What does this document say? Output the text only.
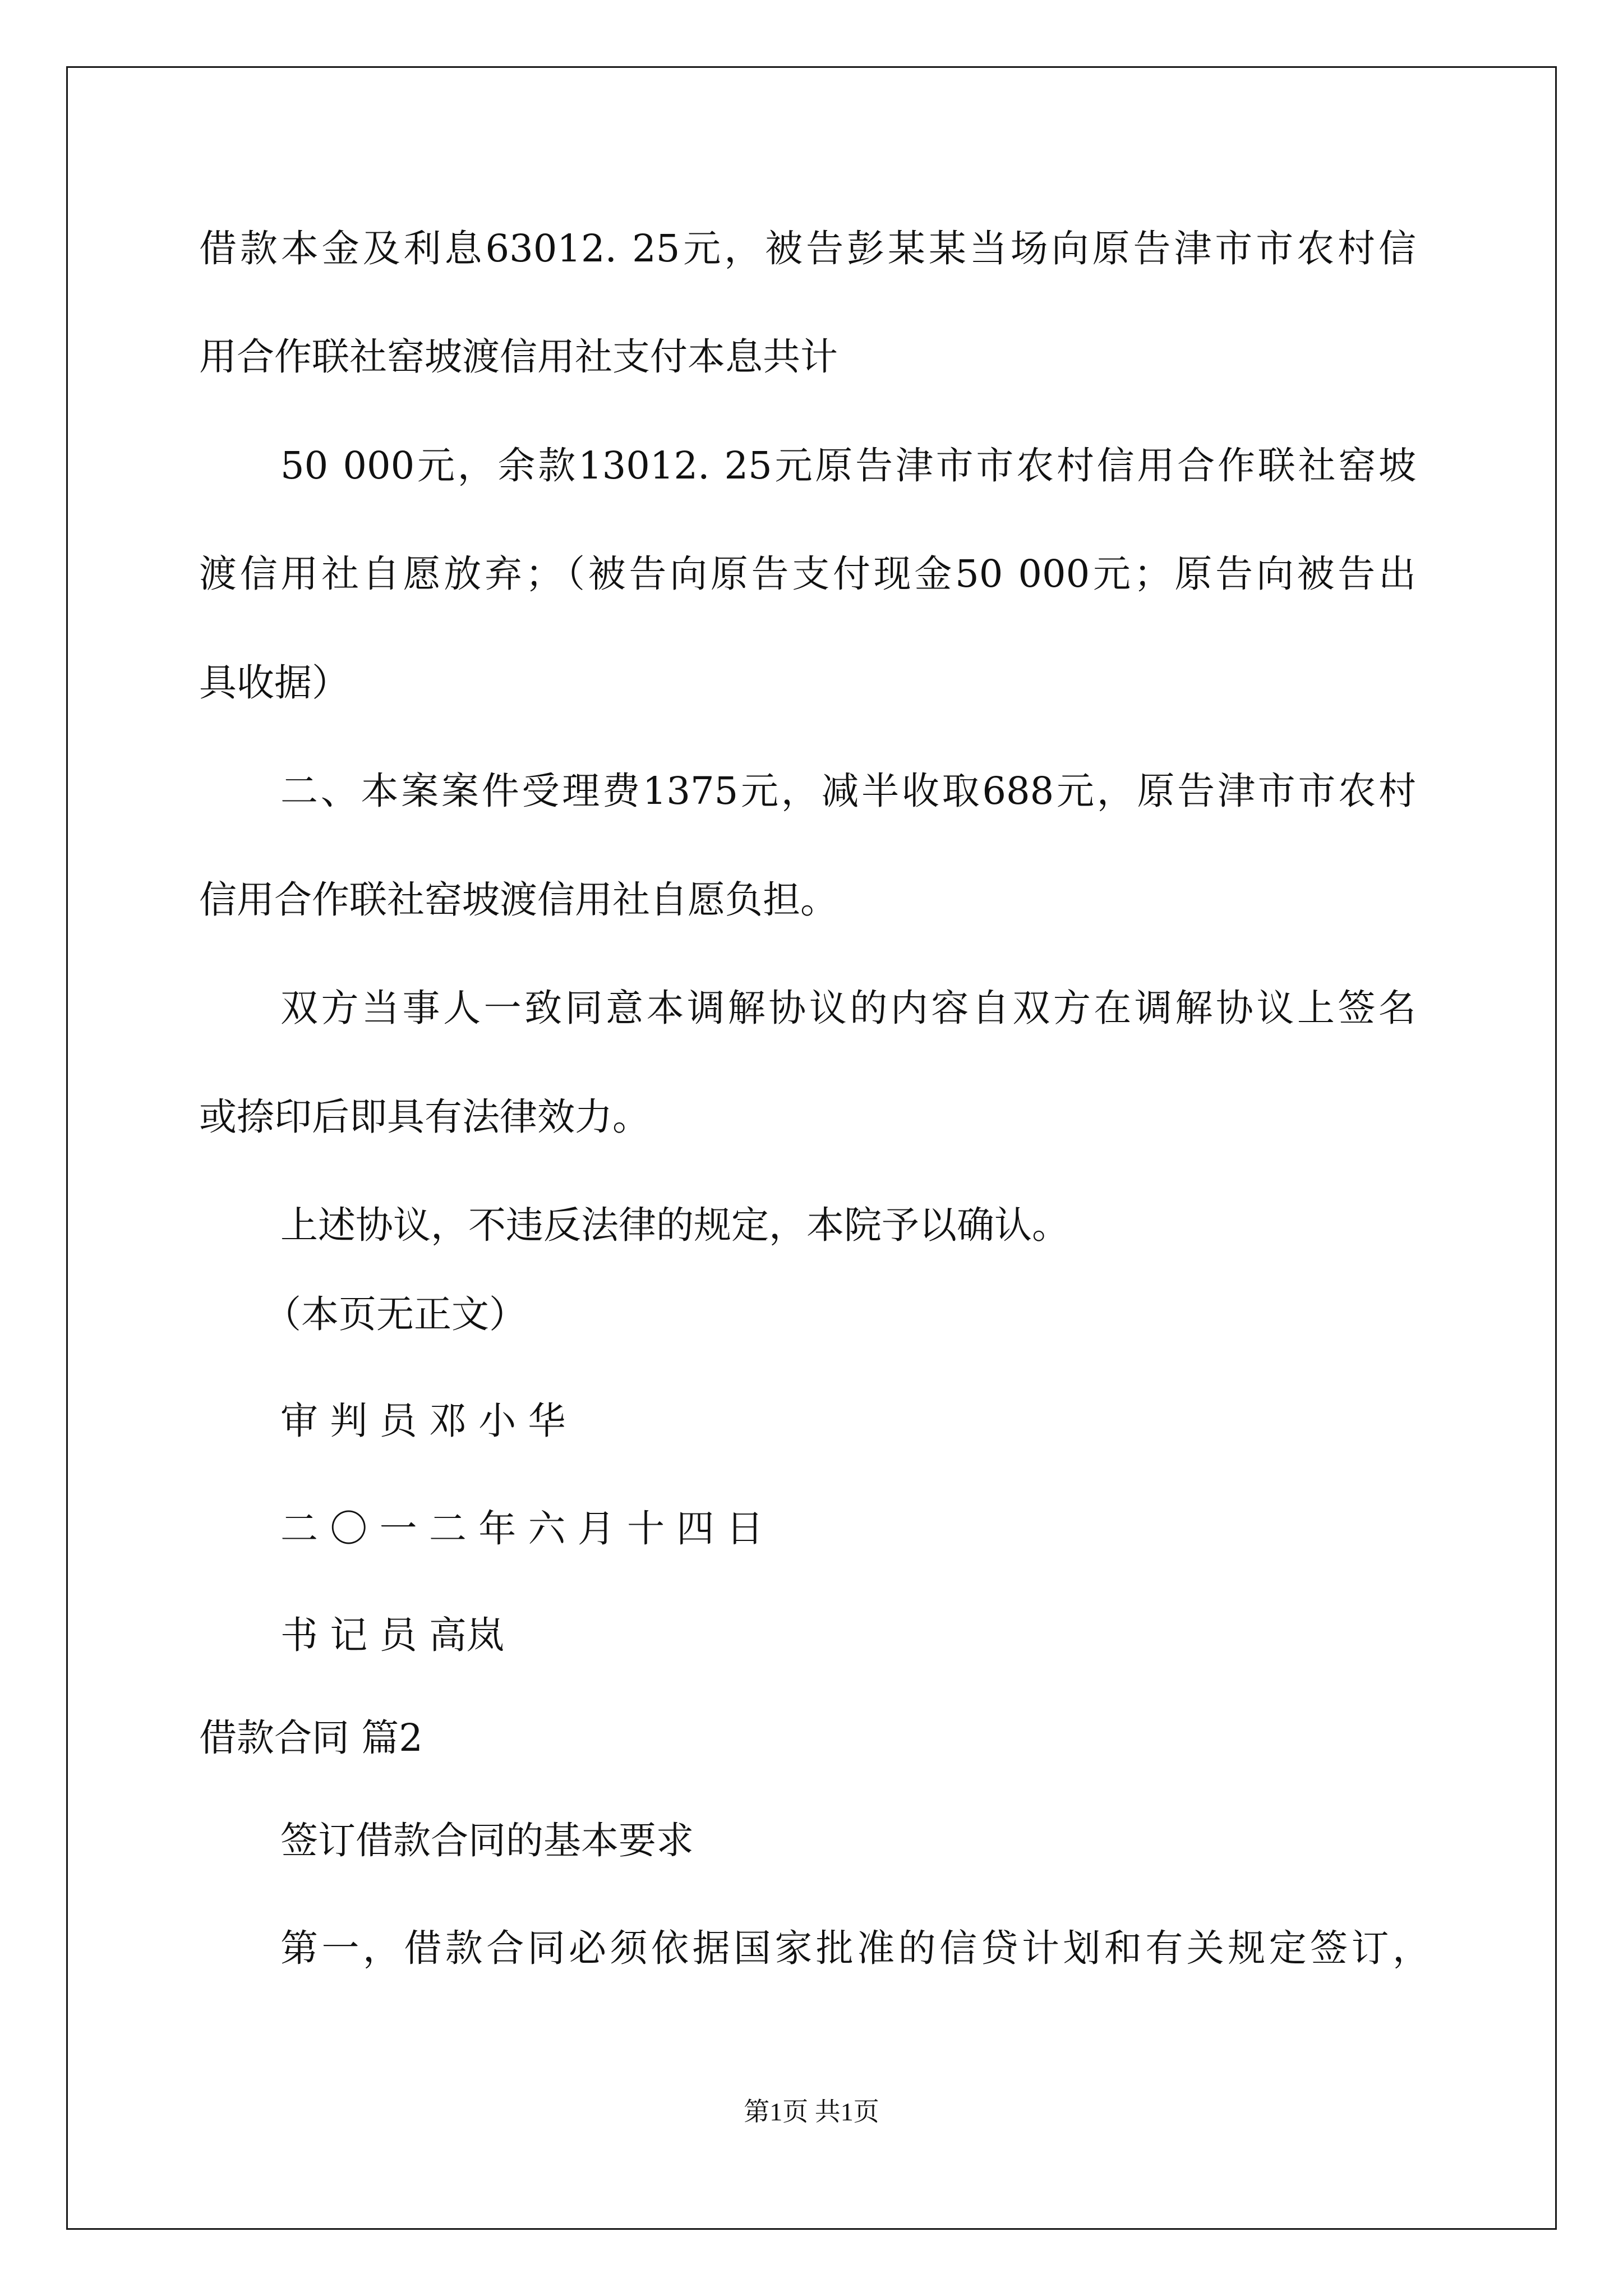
借款本金及利息63012. 25元，被告彭某某当场向原告津市市农村信
用合作联社窑坡渡信用社支付本息共计
50 000元，余款13012. 25元原告津市市农村信用合作联社窑坡
渡信用社自愿放弃；（被告向原告支付现金50 000元；原告向被告出
具收据）
二、本案案件受理费1375元，减半收取688元，原告津市市农村
信用合作联社窑坡渡信用社自愿负担。
双方当事人一致同意本调解协议的内容自双方在调解协议上签名
或捺印后即具有法律效力。
上述协议，不违反法律的规定，本院予以确认。
（本页无正文）
审 判 员 邓 小 华
二 〇 一 二 年 六 月 十 四 日
书 记 员 高岚
借款合同 篇2
签订借款合同的基本要求
第一，借款合同必须依据国家批准的信贷计划和有关规定签订，
第1页 共1页
